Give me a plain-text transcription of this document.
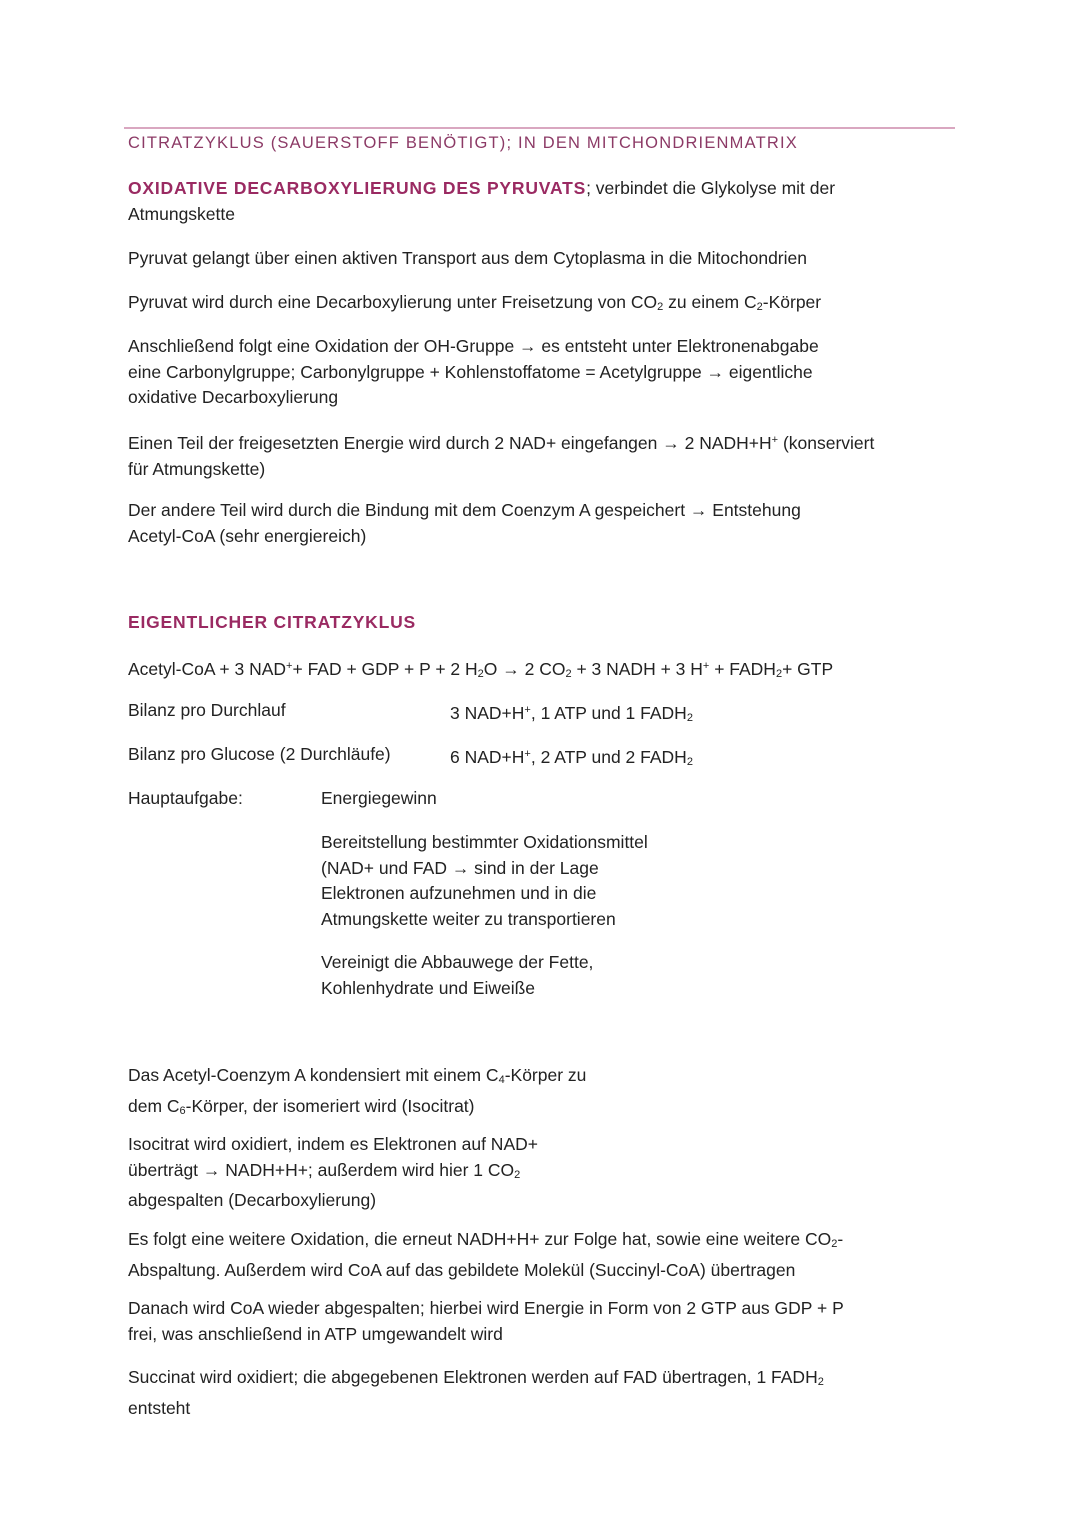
CITRATZYKLUS (SAUERSTOFF BENÖTIGT); IN DEN MITCHONDRIENMATRIX
OXIDATIVE DECARBOXYLIERUNG DES PYRUVATS; verbindet die Glykolyse mit der
Atmungskette
Pyruvat gelangt über einen aktiven Transport aus dem Cytoplasma in die Mitochondrien
Pyruvat wird durch eine Decarboxylierung unter Freisetzung von $CO_2$ zu einem $C_2$-Körper
Anschließend folgt eine Oxidation der OH-Gruppe → es entsteht unter Elektronenabgabe
eine Carbonylgruppe; Carbonylgruppe + Kohlenstoffatome = Acetylgruppe → eigentliche
oxidative Decarboxylierung
Einen Teil der freigesetzten Energie wird durch 2 NAD+ eingefangen → 2 NADH+H+ (konserviert
für Atmungskette)
Der andere Teil wird durch die Bindung mit dem Coenzym A gespeichert → Entstehung
Acetyl-CoA (sehr energiereich)
EIGENTLICHER CITRATZYKLUS
Acetyl-CoA + 3 NAD++ FAD + GDP + P + 2 $H_2O \to 2$ $CO_2 + 3$ NADH + 3 $H^+ + FADH_2+$ GTP
Bilanz pro Durchlauf	3 NAD+H+, 1 ATP und 1 $FADH_2$
Bilanz pro Glucose (2 Durchläufe)	6 NAD+H+, 2 ATP und 2 $FADH_2$
Hauptaufgabe:	Energiegewinn
Bereitstellung bestimmter Oxidationsmittel
(NAD+ und FAD → sind in der Lage
Elektronen aufzunehmen und in die
Atmungskette weiter zu transportieren
Vereinigt die Abbauwege der Fette,
Kohlenhydrate und Eiweiße
Das Acetyl-Coenzym A kondensiert mit einem $C_4$-Körper zu
dem $C_6$-Körper, der isomeriert wird (Isocitrat)
Isocitrat wird oxidiert, indem es Elektronen auf NAD+
überträgt → NADH+H+; außerdem wird hier 1 $CO_2$
abgespalten (Decarboxylierung)
Es folgt eine weitere Oxidation, die erneut NADH+H+ zur Folge hat, sowie eine weitere $CO_2-$
Abspaltung. Außerdem wird CoA auf das gebildete Molekül (Succinyl-CoA) übertragen
Danach wird CoA wieder abgespalten; hierbei wird Energie in Form von 2 GTP aus GDP + P
frei, was anschließend in ATP umgewandelt wird
Succinat wird oxidiert; die abgegebenen Elektronen werden auf FAD übertragen, 1 $FADH_2$
entsteht
